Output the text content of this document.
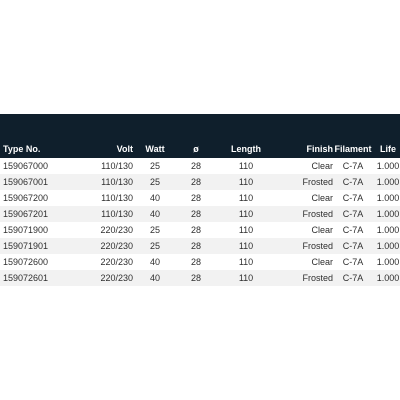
Type No.	Volt	Watt	ø	Length	Finish	Filament	Life
159067000	110/130	25	28	110	Clear	C-7A	1.000
159067001	110/130	25	28	110	Frosted	C-7A	1.000
159067200	110/130	40	28	110	Clear	C-7A	1.000
159067201	110/130	40	28	110	Frosted	C-7A	1.000
159071900	220/230	25	28	110	Clear	C-7A	1.000
159071901	220/230	25	28	110	Frosted	C-7A	1.000
159072600	220/230	40	28	110	Clear	C-7A	1.000
159072601	220/230	40	28	110	Frosted	C-7A	1.000
